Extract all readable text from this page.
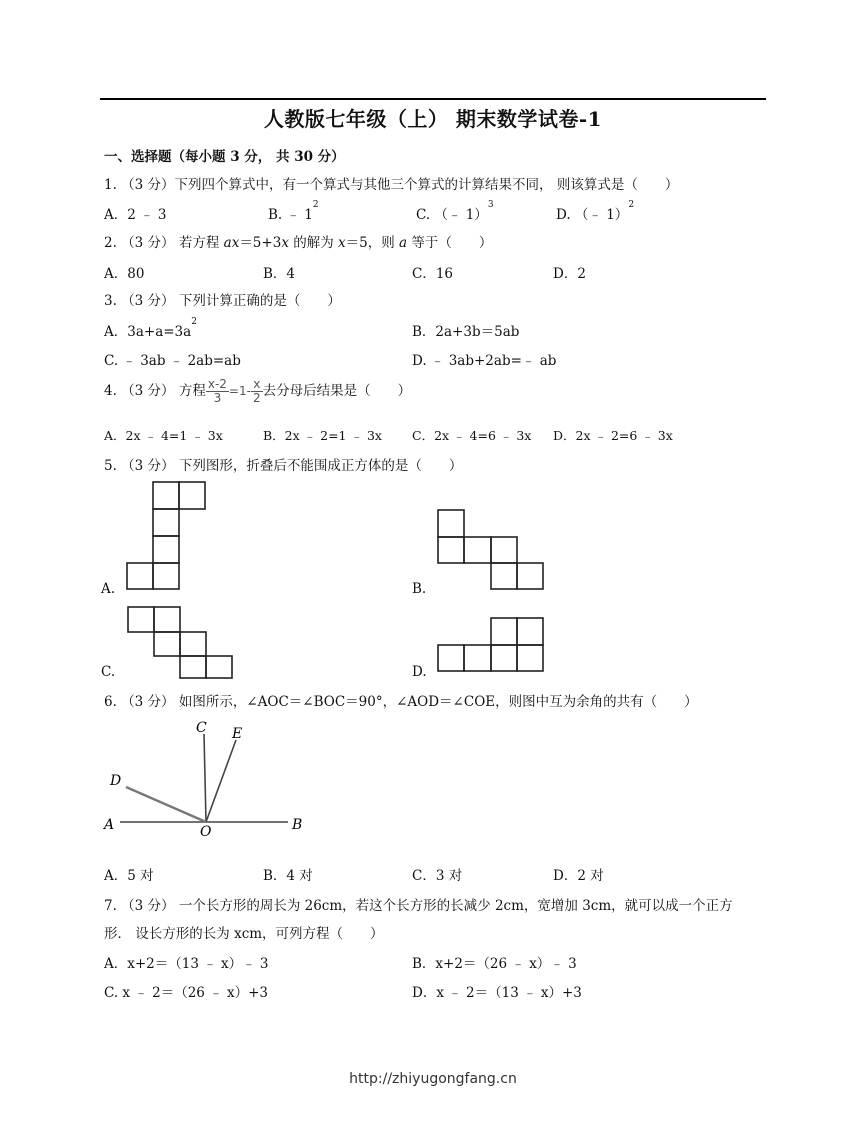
人教版七年级（上） 期末数学试卷-1
一、选择题（每小题 3 分， 共 30 分）
1. （3 分）下列四个算式中，有一个算式与其他三个算式的计算结果不同， 则该算式是（　　）
A．2 ﹣ 3	B. ﹣ $1^2$
C. （﹣ 1）$^3$
D. （﹣ 1）$^2$
2. （3 分） 若方程 ax＝5+3x 的解为 x＝5，则 a 等于（　　）
A．80	B．4	C．16	D．2
3. （3 分） 下列计算正确的是（　　）
A．$3a+a=3a^2$
B．2a+3b＝5ab
C. ﹣ 3ab ﹣ 2ab=ab	D. ﹣ 3ab+2ab=﹣ ab
4. （3 分） 方程 $\frac{x-2}{3} =1- \frac{x}{2}$ 去分母后结果是（　　）
A．2x ﹣ 4=1 ﹣ 3x	B．2x ﹣ 2=1 ﹣ 3x C．2x ﹣ 4=6 ﹣ 3x D．2x ﹣ 2=6 ﹣ 3x
5. （3 分） 下列图形，折叠后不能围成正方体的是（　　）
A.	B.
C.	D.
6. （3 分） 如图所示，∠AOC＝∠BOC＝90°，∠AOD＝∠COE，则图中互为余角的共有（　　）
C E
D
A	O	B
A．5 对	B．4 对	C．3 对	D．2 对
7. （3 分） 一个长方形的周长为 26cm，若这个长方形的长减少 2cm，宽增加 3cm，就可以成一个正方
形． 设长方形的长为 xcm，可列方程（　　）
A．x+2＝（13 ﹣ x）﹣ 3	B．x+2＝（26 ﹣ x）﹣ 3
C. x ﹣ 2＝（26 ﹣ x）+3	D．x ﹣ 2＝（13 ﹣ x）+3
http://zhiyugongfang.cn
